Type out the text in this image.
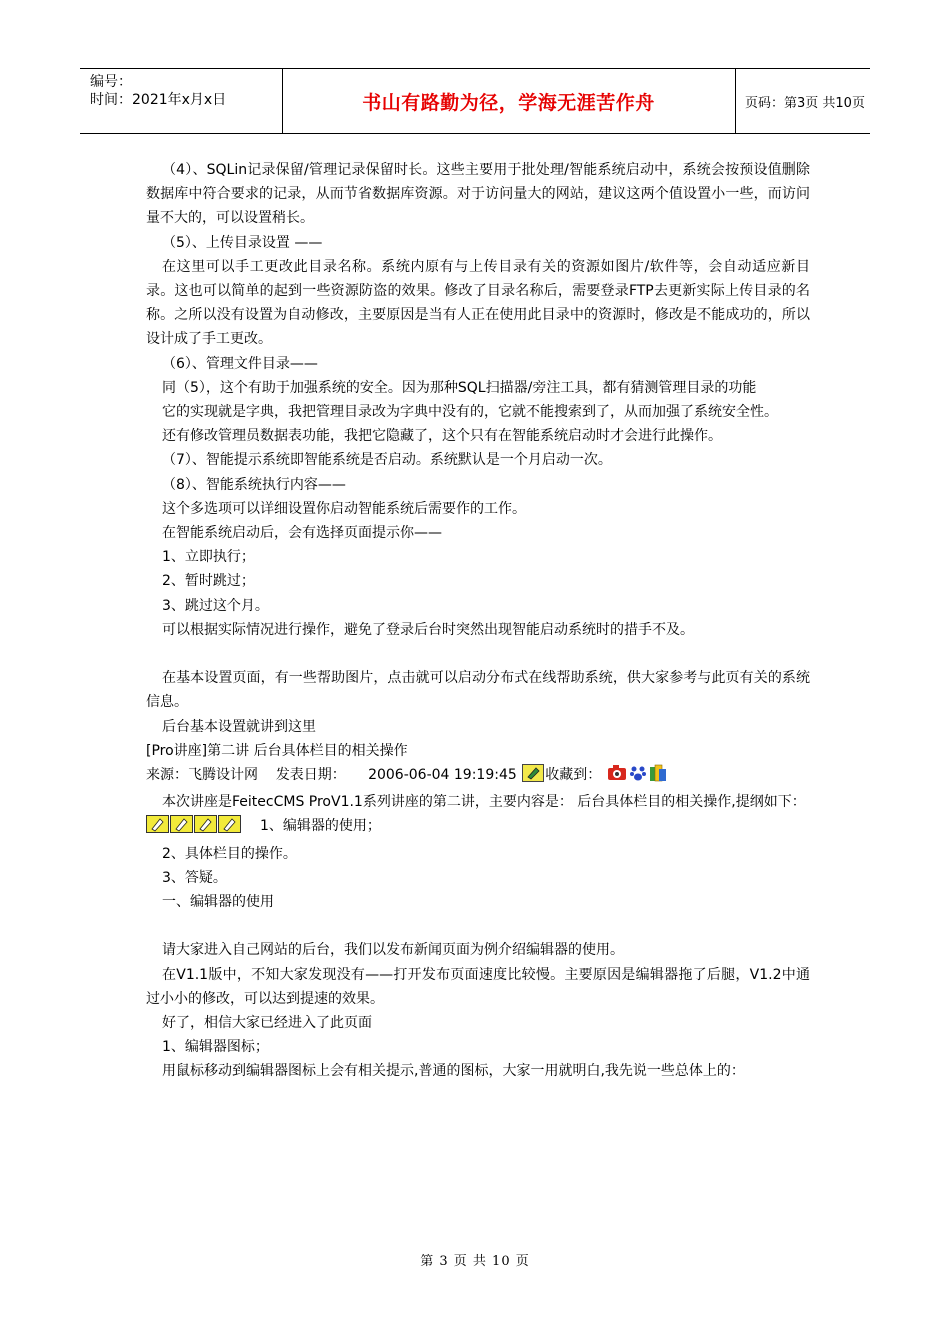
编号：
时间：2021年x月x日	书山有路勤为径，学海无涯苦作舟	页码：第3页 共10页

（4）、SQLin记录保留/管理记录保留时长。这些主要用于批处理/智能系统启动中，系统会按预设值删除数据库中符合要求的记录，从而节省数据库资源。对于访问量大的网站，建议这两个值设置小一些，而访问量不大的，可以设置稍长。

（5）、上传目录设置 ——

在这里可以手工更改此目录名称。系统内原有与上传目录有关的资源如图片/软件等，会自动适应新目录。这也可以简单的起到一些资源防盗的效果。修改了目录名称后，需要登录FTP去更新实际上传目录的名称。之所以没有设置为自动修改，主要原因是当有人正在使用此目录中的资源时，修改是不能成功的，所以设计成了手工更改。

（6）、管理文件目录——

同（5），这个有助于加强系统的安全。因为那种SQL扫描器/旁注工具，都有猜测管理目录的功能

它的实现就是字典，我把管理目录改为字典中没有的，它就不能搜索到了，从而加强了系统安全性。

还有修改管理员数据表功能，我把它隐藏了，这个只有在智能系统启动时才会进行此操作。

（7）、智能提示系统即智能系统是否启动。系统默认是一个月启动一次。

（8）、智能系统执行内容——

这个多选项可以详细设置你启动智能系统后需要作的工作。

在智能系统启动后，会有选择页面提示你——

1、立即执行；

2、暂时跳过；

3、跳过这个月。

可以根据实际情况进行操作，避免了登录后台时突然出现智能启动系统时的措手不及。

在基本设置页面，有一些帮助图片，点击就可以启动分布式在线帮助系统，供大家参考与此页有关的系统信息。

后台基本设置就讲到这里

[Pro讲座]第二讲 后台具体栏目的相关操作

来源：飞腾设计网 发表日期： 2006-06-04 19:19:45 收藏到：

本次讲座是FeitecCMS ProV1.1系列讲座的第二讲，主要内容是： 后台具体栏目的相关操作,提纲如下：

1、编辑器的使用；

2、具体栏目的操作。

3、答疑。

一、编辑器的使用

请大家进入自己网站的后台，我们以发布新闻页面为例介绍编辑器的使用。

在V1.1版中，不知大家发现没有——打开发布页面速度比较慢。主要原因是编辑器拖了后腿，V1.2中通过小小的修改，可以达到提速的效果。

好了，相信大家已经进入了此页面

1、编辑器图标；

用鼠标移动到编辑器图标上会有相关提示,普通的图标，大家一用就明白,我先说一些总体上的：

第 3 页 共 10 页
